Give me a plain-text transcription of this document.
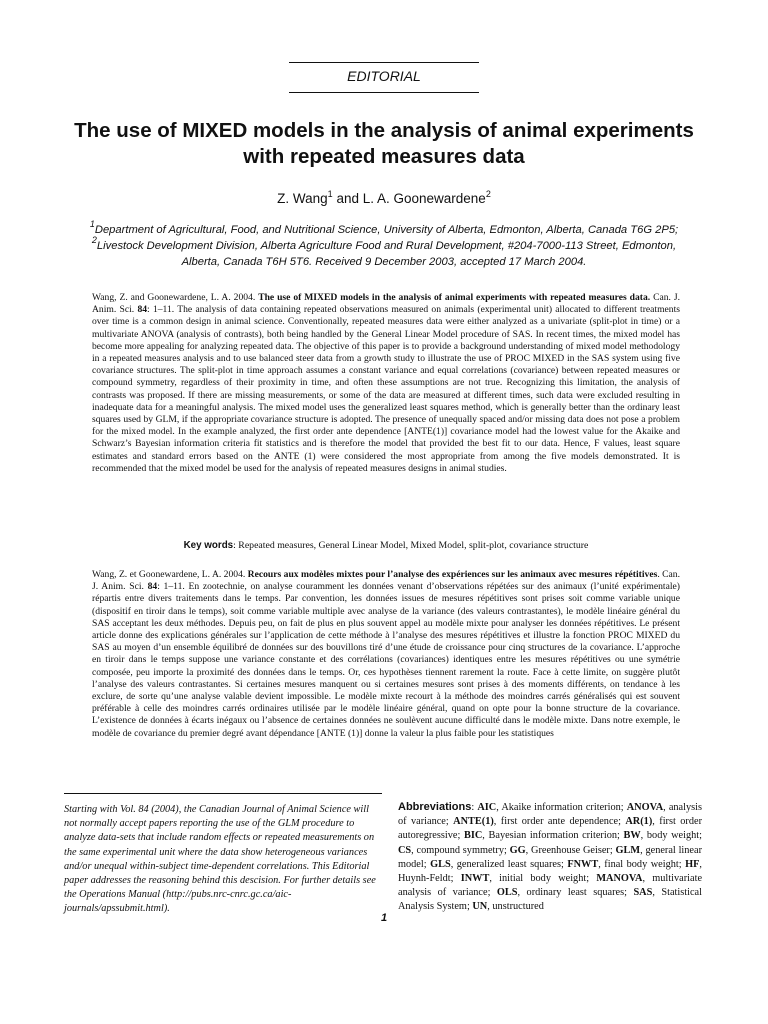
EDITORIAL
The use of MIXED models in the analysis of animal experiments with repeated measures data
Z. Wang$^1$ and L. A. Goonewardene$^2$
$^1$Department of Agricultural, Food, and Nutritional Science, University of Alberta, Edmonton, Alberta, Canada T6G 2P5; $^2$Livestock Development Division, Alberta Agriculture Food and Rural Development, #204-7000-113 Street, Edmonton, Alberta, Canada T6H 5T6. Received 9 December 2003, accepted 17 March 2004.
Wang, Z. and Goonewardene, L. A. 2004. The use of MIXED models in the analysis of animal experiments with repeated measures data. Can. J. Anim. Sci. 84: 1–11. The analysis of data containing repeated observations measured on animals (experimental unit) allocated to different treatments over time is a common design in animal science. Conventionally, repeated measures data were either analyzed as a univariate (split-plot in time) or a multivariate ANOVA (analysis of contrasts), both being handled by the General Linear Model procedure of SAS. In recent times, the mixed model has become more appealing for analyzing repeated data. The objective of this paper is to provide a background understanding of mixed model methodology in a repeated measures analysis and to use balanced steer data from a growth study to illustrate the use of PROC MIXED in the SAS system using five covariance structures. The split-plot in time approach assumes a constant variance and equal correlations (covariance) between repeated measures or compound symmetry, regardless of their proximity in time, and often these assumptions are not true. Recognizing this limitation, the analysis of contrasts was proposed. If there are missing measurements, or some of the data are measured at different times, such data were excluded resulting in inadequate data for a meaningful analysis. The mixed model uses the generalized least squares method, which is generally better than the ordinary least squares used by GLM, if the appropriate covariance structure is adopted. The presence of unequally spaced and/or missing data does not pose a problem for the mixed model. In the example analyzed, the first order ante dependence [ANTE(1)] covariance model had the lowest value for the Akaike and Schwarz’s Bayesian information criteria fit statistics and is therefore the model that provided the best fit to our data. Hence, F values, least square estimates and standard errors based on the ANTE (1) were considered the most appropriate from among the five models demonstrated. It is recommended that the mixed model be used for the analysis of repeated measures designs in animal studies.
Key words: Repeated measures, General Linear Model, Mixed Model, split-plot, covariance structure
Wang, Z. et Goonewardene, L. A. 2004. Recours aux modèles mixtes pour l’analyse des expériences sur les animaux avec mesures répétitives. Can. J. Anim. Sci. 84: 1–11. En zootechnie, on analyse couramment les données venant d’observations répétées sur des animaux (l’unité expérimentale) répartis entre divers traitements dans le temps. Par convention, les données issues de mesures répétitives sont prises soit comme variable unique (dispositif en tiroir dans le temps), soit comme variable multiple avec analyse de la variance (des valeurs contrastantes), le modèle linéaire général du SAS acceptant les deux méthodes. Depuis peu, on fait de plus en plus souvent appel au modèle mixte pour analyser les données répétitives. Le présent article donne des explications générales sur l’application de cette méthode à l’analyse des mesures répétitives et illustre la fonction PROC MIXED du SAS au moyen d’un ensemble équilibré de données sur des bouvillons tiré d’une étude de croissance pour cinq structures de la covariance. L’approche en tiroir dans le temps suppose une variance constante et des corrélations (covariances) identiques entre les mesures répétitives ou une symétrie composée, peu importe la proximité des données dans le temps. Or, ces hypothèses tiennent rarement la route. Face à cette limite, on suggère plutôt l’analyse des valeurs contrastantes. Si certaines mesures manquent ou si certaines mesures sont prises à des moments différents, on tendance à les exclure, de sorte qu’une analyse valable devient impossible. Le modèle mixte recourt à la méthode des moindres carrés généralisés qui est souvent préférable à celle des moindres carrés ordinaires utilisée par le modèle linéaire général, quand on opte pour la bonne structure de la covariance. L’existence de données à écarts inégaux ou l’absence de certaines données ne soulèvent aucune difficulté dans le modèle mixte. Dans notre exemple, le modèle de covariance du premier degré avant dépendance [ANTE (1)] donne la valeur la plus faible pour les statistiques
Starting with Vol. 84 (2004), the Canadian Journal of Animal Science will not normally accept papers reporting the use of the GLM procedure to analyze data-sets that include random effects or repeated measurements on the same experimental unit where the data show heterogeneous variances and/or unequal within-subject time-dependent correlations. This Editorial paper addresses the reasoning behind this descision. For further details see the Operations Manual (http://pubs.nrc-cnrc.gc.ca/aic-journals/apssubmit.html).
Abbreviations: AIC, Akaike information criterion; ANOVA, analysis of variance; ANTE(1), first order ante dependence; AR(1), first order autoregressive; BIC, Bayesian information criterion; BW, body weight; CS, compound symmetry; GG, Greenhouse Geiser; GLM, general linear model; GLS, generalized least squares; FNWT, final body weight; HF, Huynh-Feldt; INWT, initial body weight; MANOVA, multivariate analysis of variance; OLS, ordinary least squares; SAS, Statistical Analysis System; UN, unstructured
1
